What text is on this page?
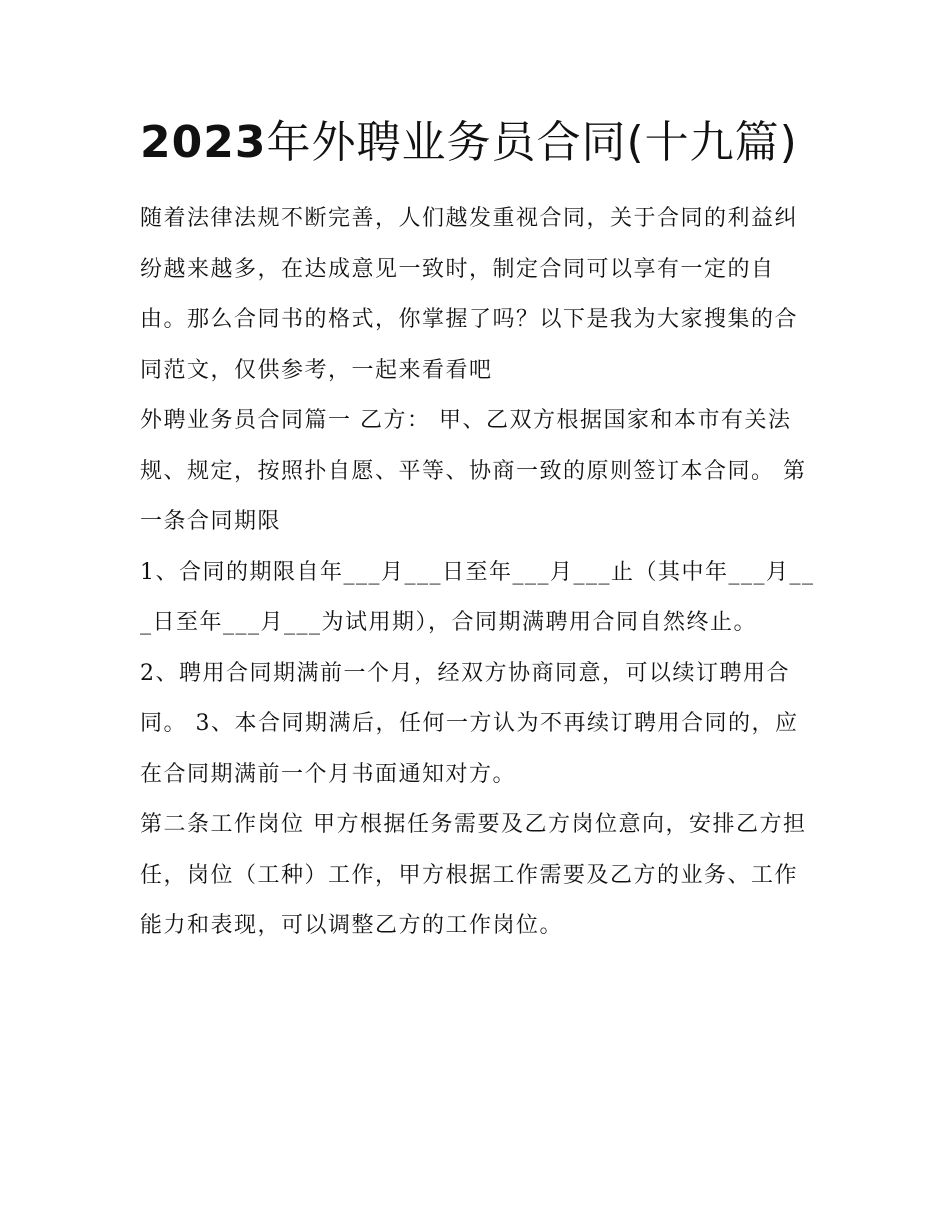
2023年外聘业务员合同(十九篇)

随着法律法规不断完善，人们越发重视合同，关于合同的利益纠纷越来越多，在达成意见一致时，制定合同可以享有一定的自由。那么合同书的格式，你掌握了吗？以下是我为大家搜集的合同范文，仅供参考，一起来看看吧

外聘业务员合同篇一 乙方： 甲、乙双方根据国家和本市有关法规、规定，按照扑自愿、平等、协商一致的原则签订本合同。 第一条合同期限

1、合同的期限自年___月___日至年___月___止（其中年___月___日至年___月___为试用期），合同期满聘用合同自然终止。

2、聘用合同期满前一个月，经双方协商同意，可以续订聘用合同。 3、本合同期满后，任何一方认为不再续订聘用合同的，应在合同期满前一个月书面通知对方。

第二条工作岗位 甲方根据任务需要及乙方岗位意向，安排乙方担任，岗位（工种）工作，甲方根据工作需要及乙方的业务、工作能力和表现，可以调整乙方的工作岗位。
